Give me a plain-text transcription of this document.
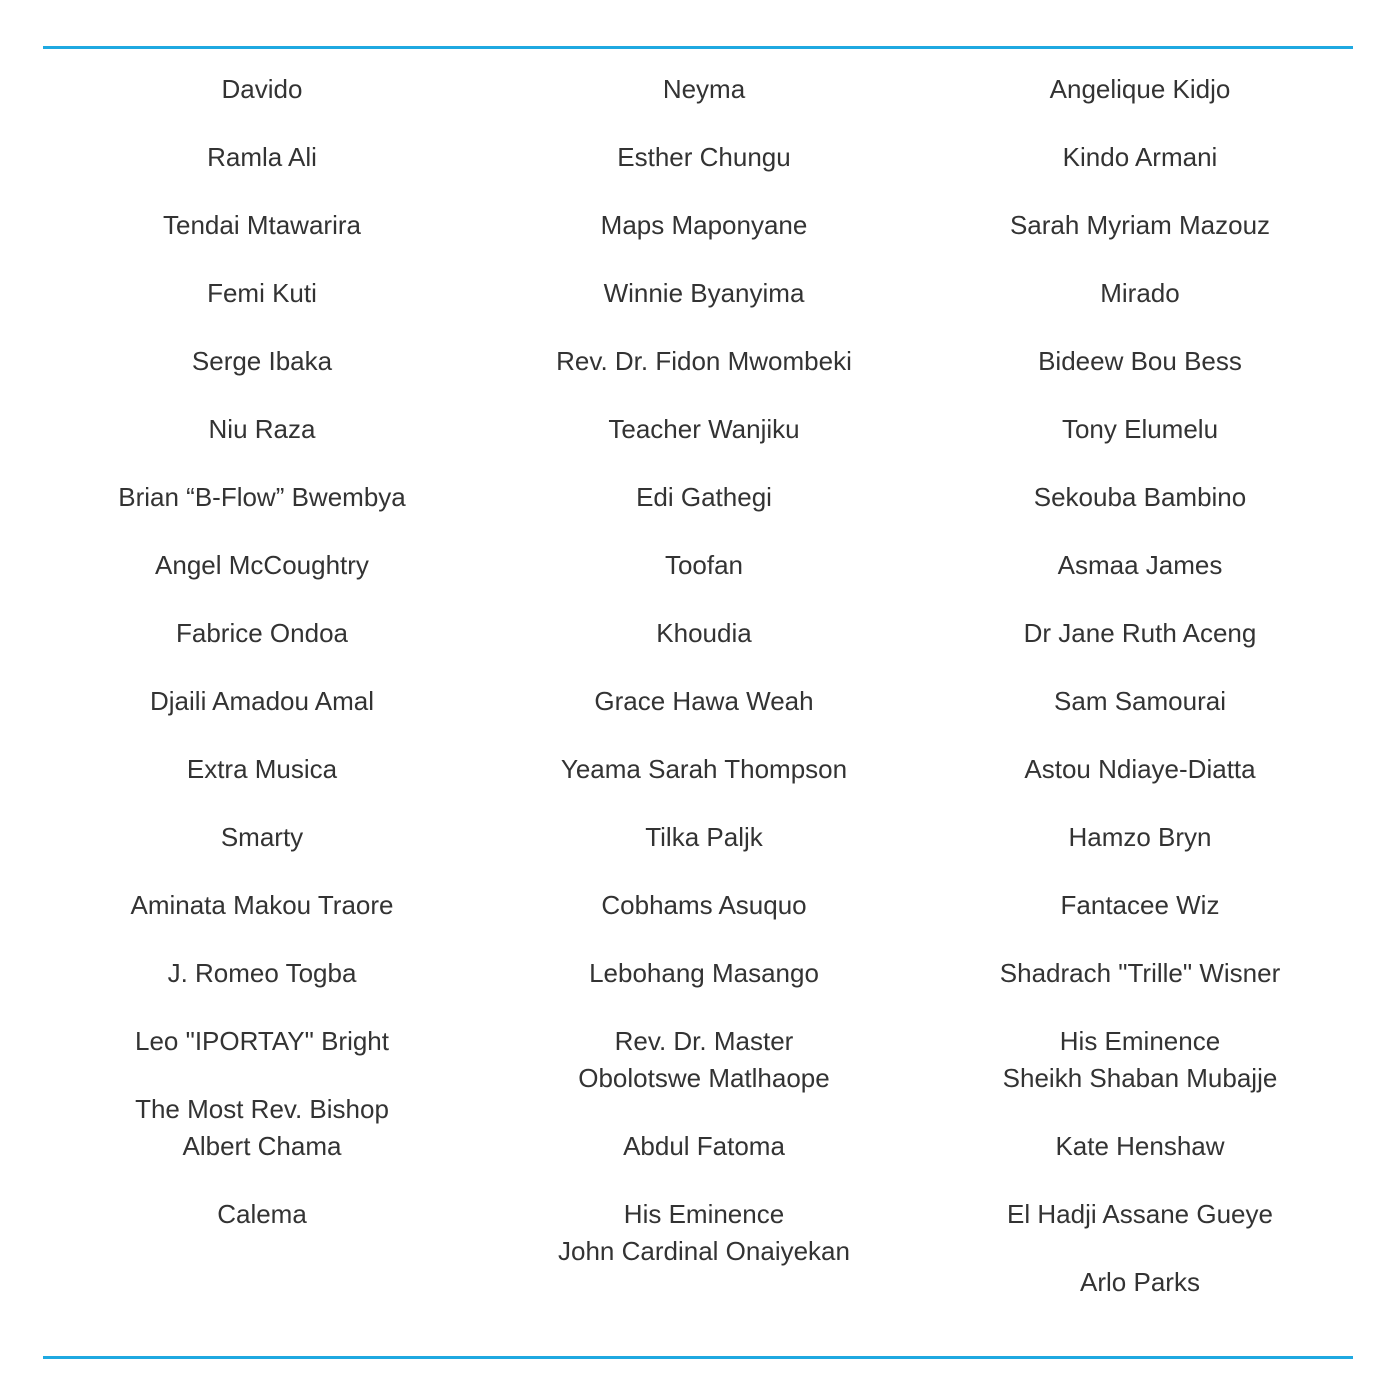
Davido
Ramla Ali
Tendai Mtawarira
Femi Kuti
Serge Ibaka
Niu Raza
Brian “B-Flow” Bwembya
Angel McCoughtry
Fabrice Ondoa
Djaili Amadou Amal
Extra Musica
Smarty
Aminata Makou Traore
J. Romeo Togba
Leo "IPORTAY" Bright
The Most Rev. Bishop
Albert Chama
Calema
Neyma
Esther Chungu
Maps Maponyane
Winnie Byanyima
Rev. Dr. Fidon Mwombeki
Teacher Wanjiku
Edi Gathegi
Toofan
Khoudia
Grace Hawa Weah
Yeama Sarah Thompson
Tilka Paljk
Cobhams Asuquo
Lebohang Masango
Rev. Dr. Master
Obolotswe Matlhaope
Abdul Fatoma
His Eminence
John Cardinal Onaiyekan
Angelique Kidjo
Kindo Armani
Sarah Myriam Mazouz
Mirado
Bideew Bou Bess
Tony Elumelu
Sekouba Bambino
Asmaa James
Dr Jane Ruth Aceng
Sam Samourai
Astou Ndiaye-Diatta
Hamzo Bryn
Fantacee Wiz
Shadrach "Trille" Wisner
His Eminence
Sheikh Shaban Mubajje
Kate Henshaw
El Hadji Assane Gueye
Arlo Parks
